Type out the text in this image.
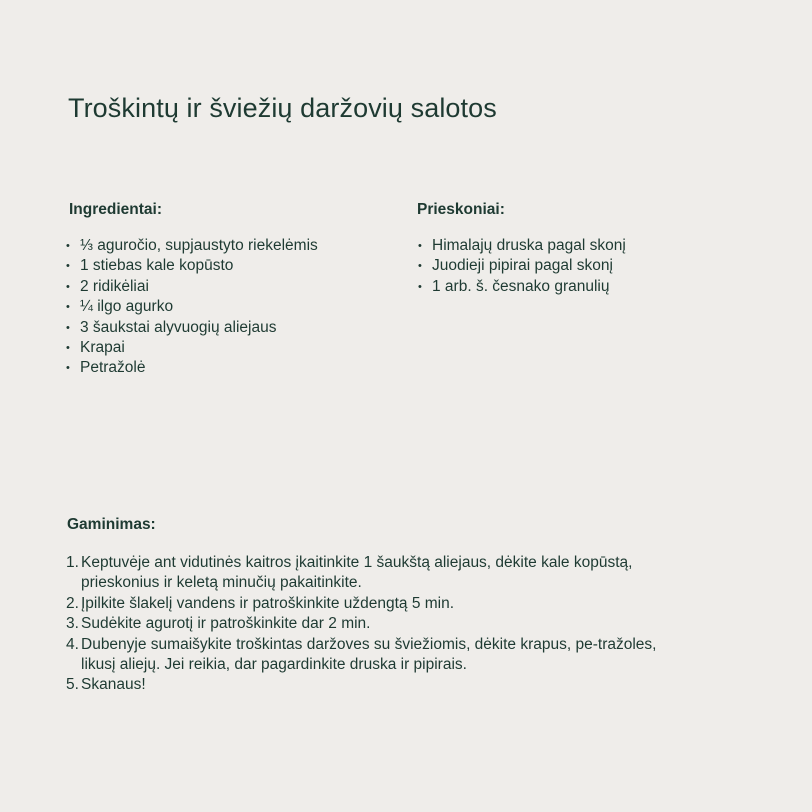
Troškintų ir šviežių daržovių salotos
Ingredientai:
• ⅓ aguročio, supjaustyto riekelėmis
• 1 stiebas kale kopūsto
• 2 ridikėliai
• ¼ ilgo agurko
• 3 šaukstai alyvuogių aliejaus
• Krapai
• Petražolė
Prieskoniai:
• Himalajų druska pagal skonį
• Juodieji pipirai pagal skonį
• 1 arb. š. česnako granulių
Gaminimas:
1. Keptuvėje ant vidutinės kaitros įkaitinkite 1 šaukštą aliejaus, dėkite kale kopūstą, prieskonius ir keletą minučių pakaitinkite.
2. Įpilkite šlakelį vandens ir patroškinkite uždengtą 5 min.
3. Sudėkite agurotį ir patroškinkite dar 2 min.
4. Dubenyje sumaišykite troškintas daržoves su šviežiomis, dėkite krapus, pe-tražoles, likusį aliejų. Jei reikia, dar pagardinkite druska ir pipirais.
5. Skanaus!
